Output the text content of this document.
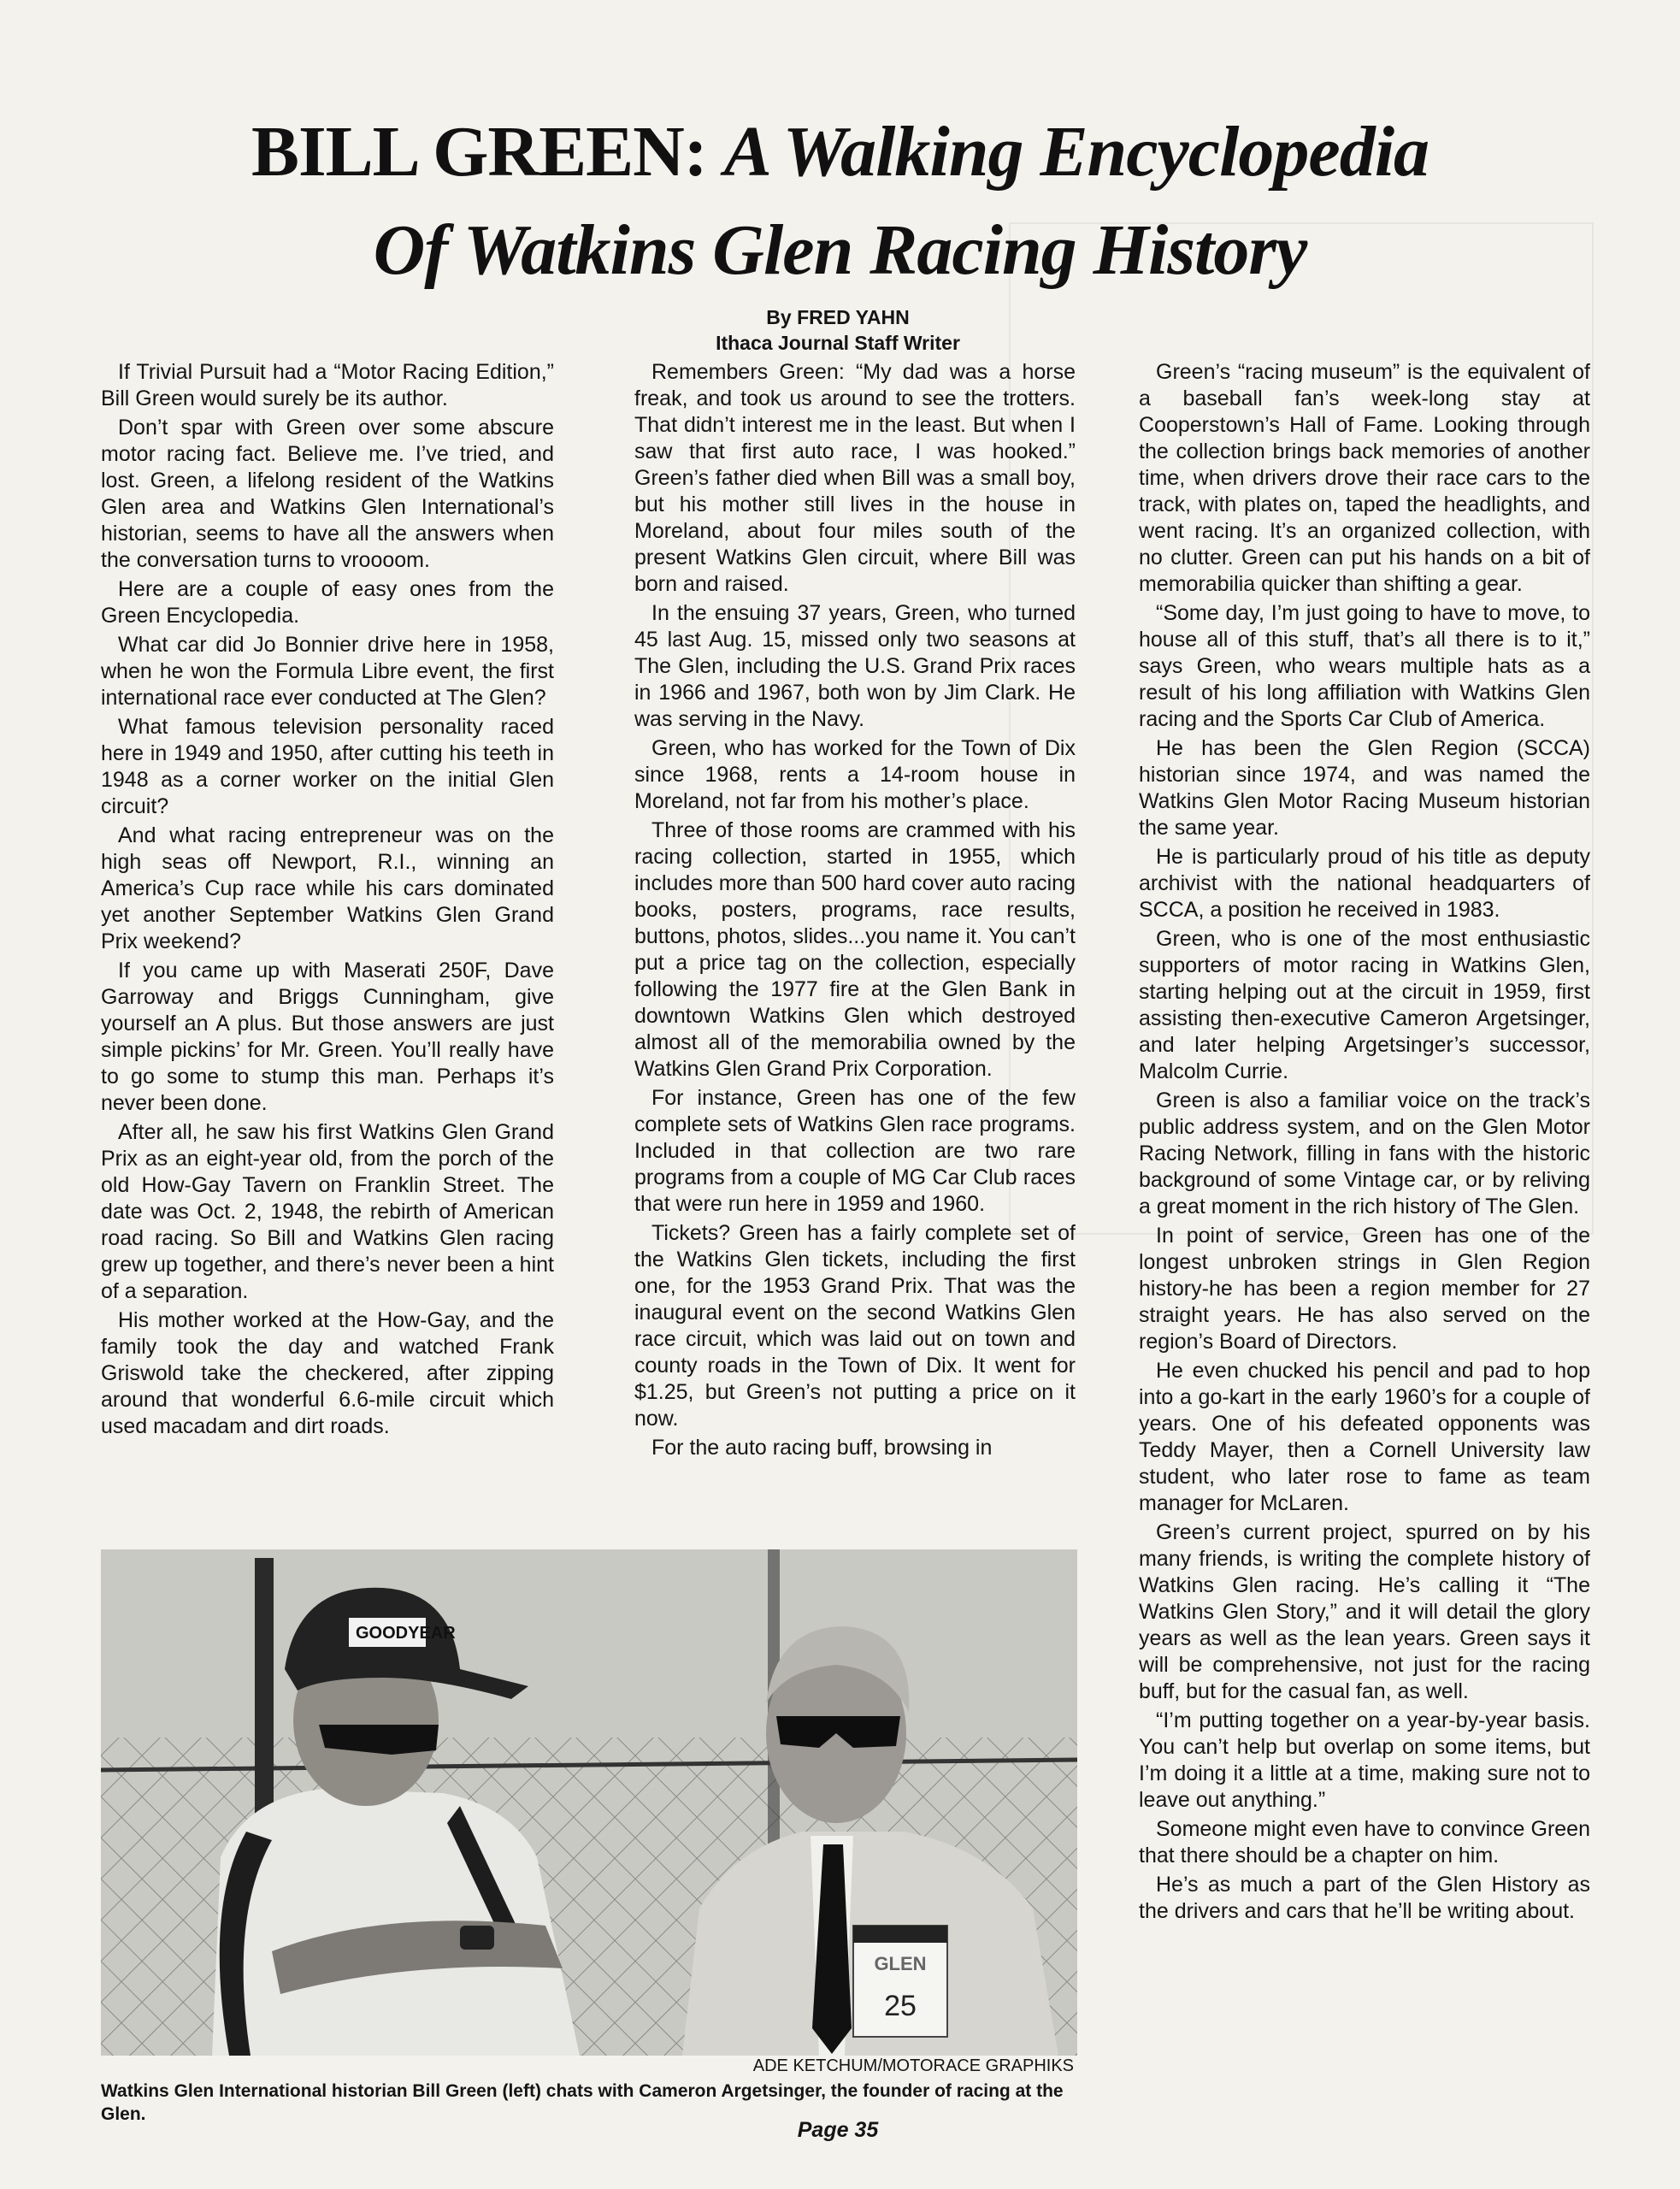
BILL GREEN: A Walking Encyclopedia
Of Watkins Glen Racing History
By FRED YAHN
Ithaca Journal Staff Writer

If Trivial Pursuit had a “Motor Racing Edition,” Bill Green would surely be its author.

Don’t spar with Green over some abscure motor racing fact. Believe me. I’ve tried, and lost. Green, a lifelong resident of the Watkins Glen area and Watkins Glen International’s historian, seems to have all the answers when the conversation turns to vroooom.

Here are a couple of easy ones from the Green Encyclopedia.

What car did Jo Bonnier drive here in 1958, when he won the Formula Libre event, the first international race ever conducted at The Glen?

What famous television personality raced here in 1949 and 1950, after cutting his teeth in 1948 as a corner worker on the initial Glen circuit?

And what racing entrepreneur was on the high seas off Newport, R.I., winning an America’s Cup race while his cars dominated yet another September Watkins Glen Grand Prix weekend?

If you came up with Maserati 250F, Dave Garroway and Briggs Cunningham, give yourself an A plus. But those answers are just simple pickins’ for Mr. Green. You’ll really have to go some to stump this man. Perhaps it’s never been done.

After all, he saw his first Watkins Glen Grand Prix as an eight-year old, from the porch of the old How-Gay Tavern on Franklin Street. The date was Oct. 2, 1948, the rebirth of American road racing. So Bill and Watkins Glen racing grew up together, and there’s never been a hint of a separation.

His mother worked at the How-Gay, and the family took the day and watched Frank Griswold take the checkered, after zipping around that wonderful 6.6-mile circuit which used macadam and dirt roads.

Remembers Green: “My dad was a horse freak, and took us around to see the trotters. That didn’t interest me in the least. But when I saw that first auto race, I was hooked.” Green’s father died when Bill was a small boy, but his mother still lives in the house in Moreland, about four miles south of the present Watkins Glen circuit, where Bill was born and raised.

In the ensuing 37 years, Green, who turned 45 last Aug. 15, missed only two seasons at The Glen, including the U.S. Grand Prix races in 1966 and 1967, both won by Jim Clark. He was serving in the Navy.

Green, who has worked for the Town of Dix since 1968, rents a 14-room house in Moreland, not far from his mother’s place.

Three of those rooms are crammed with his racing collection, started in 1955, which includes more than 500 hard cover auto racing books, posters, programs, race results, buttons, photos, slides...you name it. You can’t put a price tag on the collection, especially following the 1977 fire at the Glen Bank in downtown Watkins Glen which destroyed almost all of the memorabilia owned by the Watkins Glen Grand Prix Corporation.

For instance, Green has one of the few complete sets of Watkins Glen race programs. Included in that collection are two rare programs from a couple of MG Car Club races that were run here in 1959 and 1960.

Tickets? Green has a fairly complete set of the Watkins Glen tickets, including the first one, for the 1953 Grand Prix. That was the inaugural event on the second Watkins Glen race circuit, which was laid out on town and county roads in the Town of Dix. It went for $1.25, but Green’s not putting a price on it now.

For the auto racing buff, browsing in

Green’s “racing museum” is the equivalent of a baseball fan’s week-long stay at Cooperstown’s Hall of Fame. Looking through the collection brings back memories of another time, when drivers drove their race cars to the track, with plates on, taped the headlights, and went racing. It’s an organized collection, with no clutter. Green can put his hands on a bit of memorabilia quicker than shifting a gear.

“Some day, I’m just going to have to move, to house all of this stuff, that’s all there is to it,” says Green, who wears multiple hats as a result of his long affiliation with Watkins Glen racing and the Sports Car Club of America.

He has been the Glen Region (SCCA) historian since 1974, and was named the Watkins Glen Motor Racing Museum historian the same year.

He is particularly proud of his title as deputy archivist with the national headquarters of SCCA, a position he received in 1983.

Green, who is one of the most enthusiastic supporters of motor racing in Watkins Glen, starting helping out at the circuit in 1959, first assisting then-executive Cameron Argetsinger, and later helping Argetsinger’s successor, Malcolm Currie.

Green is also a familiar voice on the track’s public address system, and on the Glen Motor Racing Network, filling in fans with the historic background of some Vintage car, or by reliving a great moment in the rich history of The Glen.

In point of service, Green has one of the longest unbroken strings in Glen Region history-he has been a region member for 27 straight years. He has also served on the region’s Board of Directors.

He even chucked his pencil and pad to hop into a go-kart in the early 1960’s for a couple of years. One of his defeated opponents was Teddy Mayer, then a Cornell University law student, who later rose to fame as team manager for McLaren.

Green’s current project, spurred on by his many friends, is writing the complete history of Watkins Glen racing. He’s calling it “The Watkins Glen Story,” and it will detail the glory years as well as the lean years. Green says it will be comprehensive, not just for the racing buff, but for the casual fan, as well.

“I’m putting together on a year-by-year basis. You can’t help but overlap on some items, but I’m doing it a little at a time, making sure not to leave out anything.”

Someone might even have to convince Green that there should be a chapter on him.

He’s as much a part of the Glen History as the drivers and cars that he’ll be writing about.

GOODYEAR
GLEN
25
ADE KETCHUM/MOTORACE GRAPHIKS
Watkins Glen International historian Bill Green (left) chats with Cameron Argetsinger, the founder of racing at the Glen.
Page 35
